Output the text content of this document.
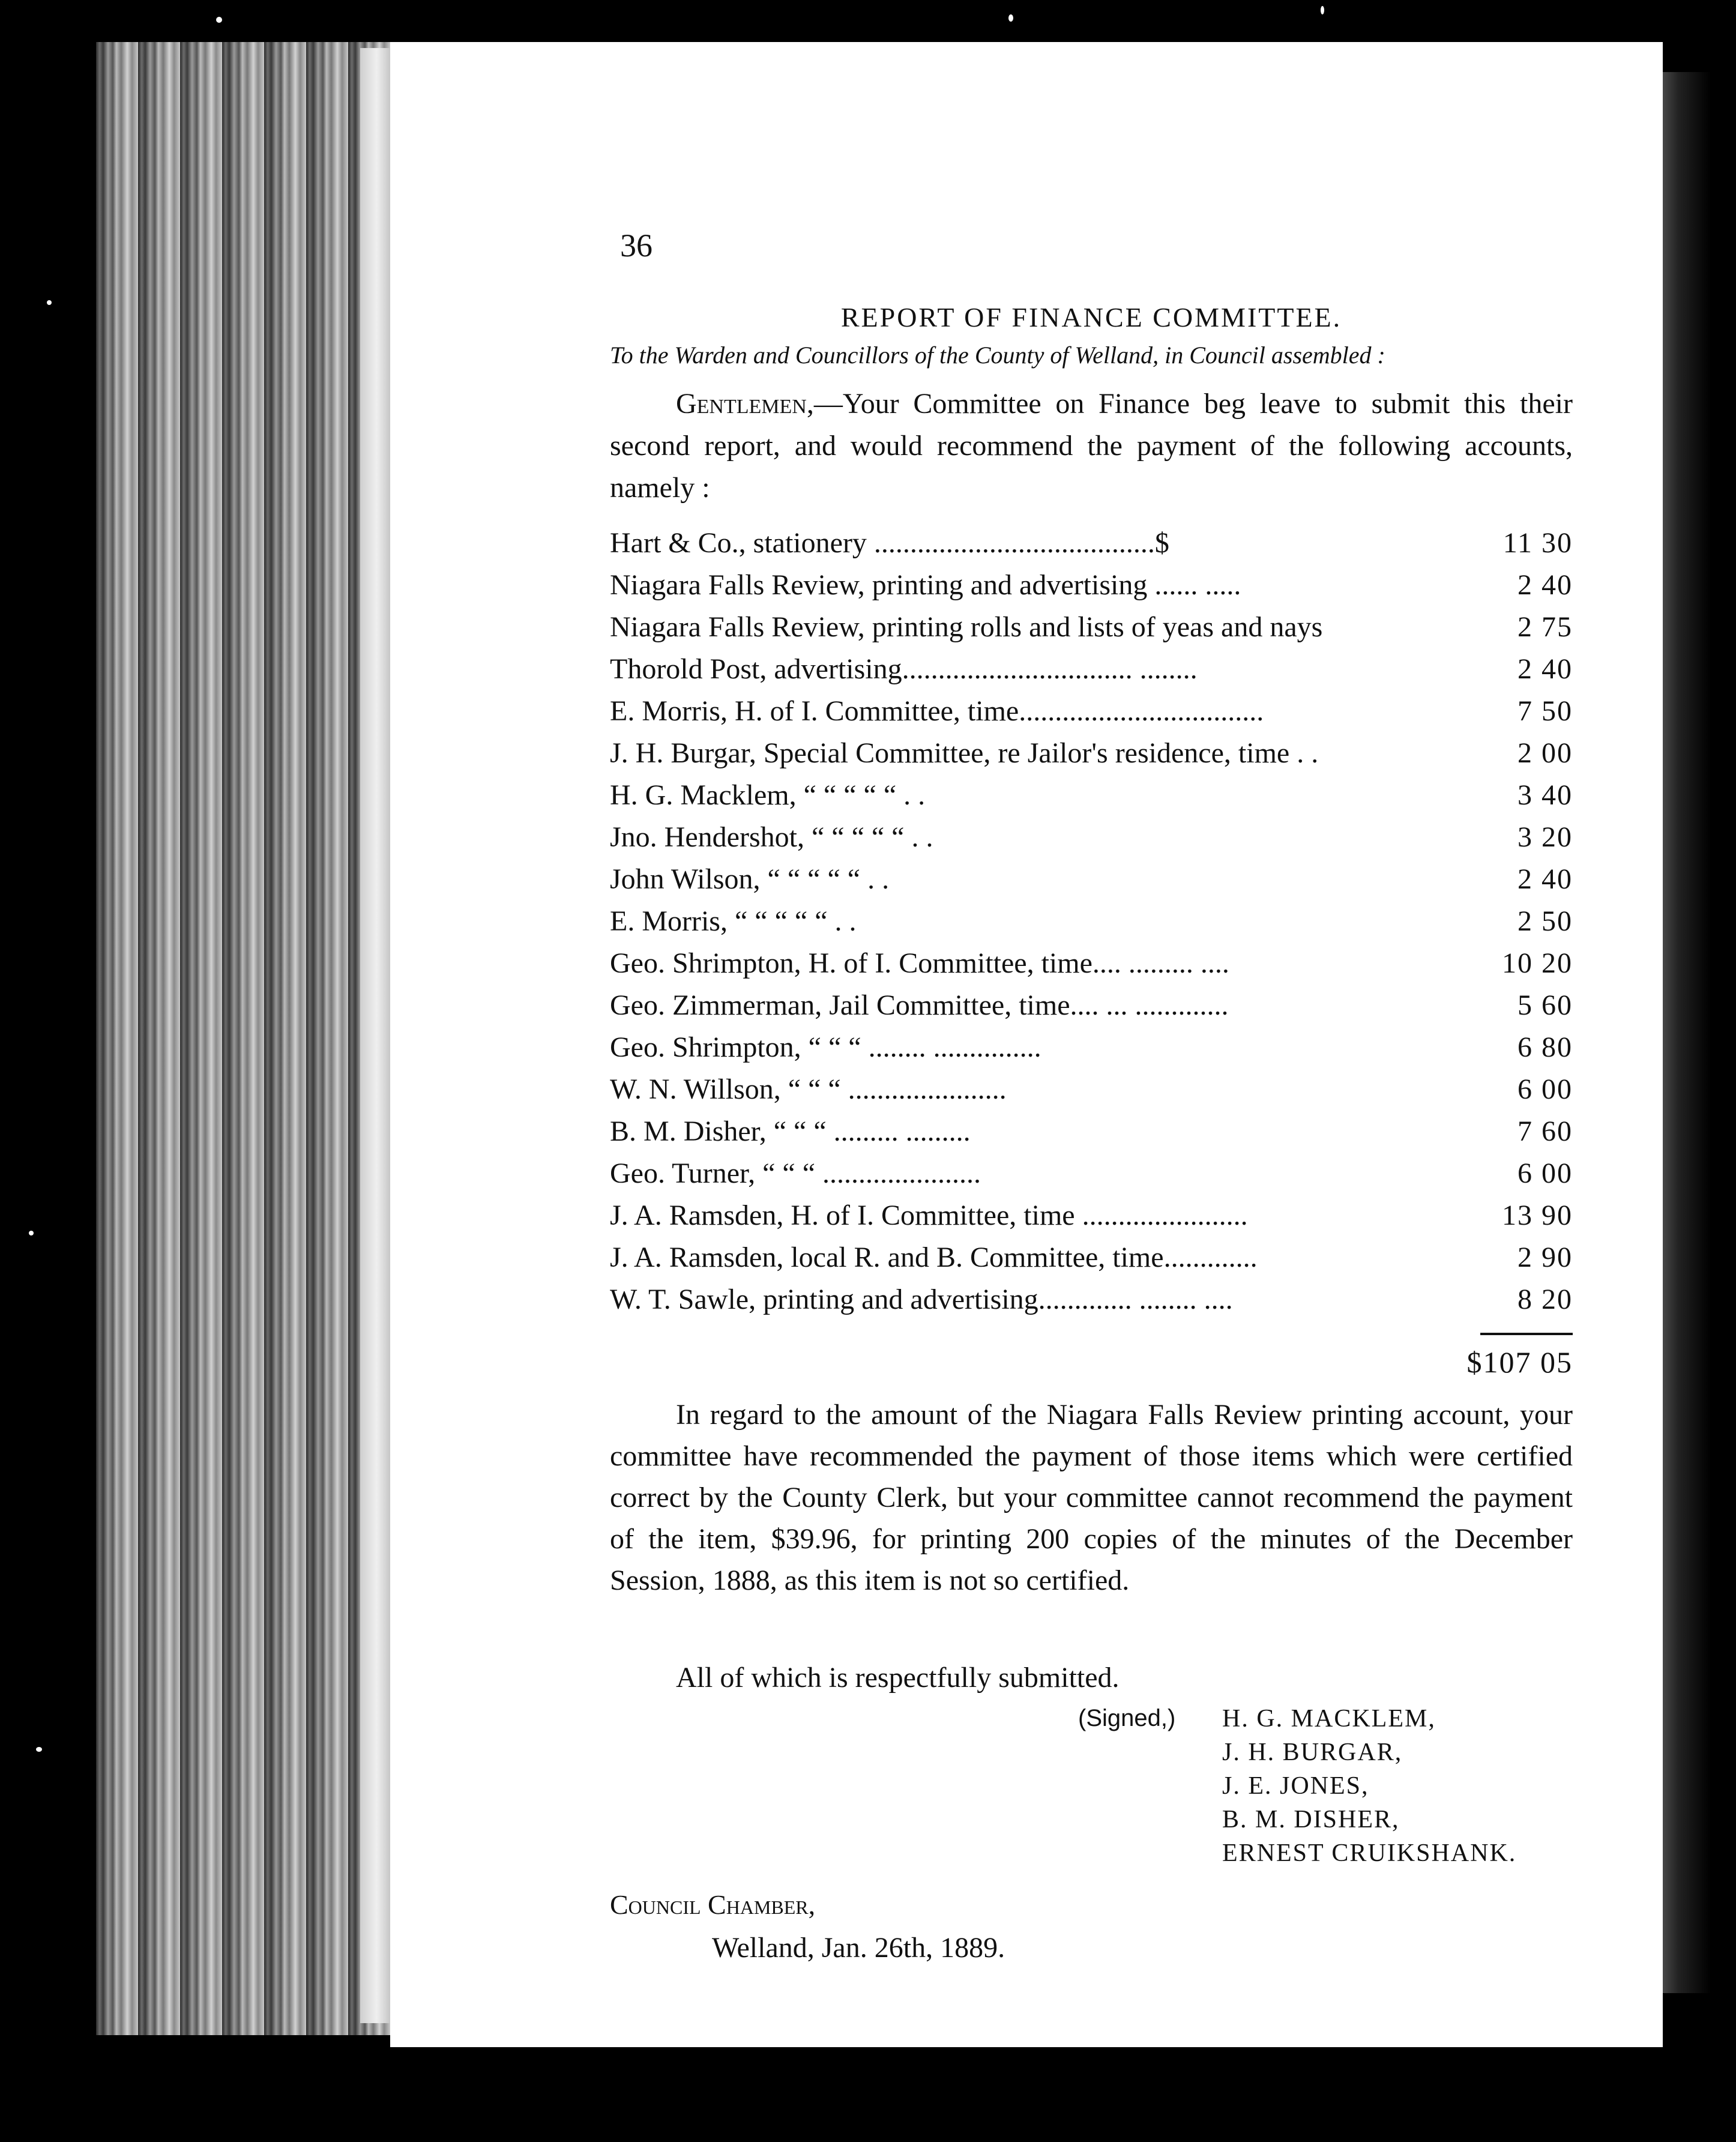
36
REPORT OF FINANCE COMMITTEE.
To the Warden and Councillors of the County of Welland, in Council assembled :
Gentlemen,—Your Committee on Finance beg leave to submit this their second report, and would recommend the payment of the following accounts, namely :
Hart & Co., stationery .......................................$	11 30
Niagara Falls Review, printing and advertising ...... .....	2 40
Niagara Falls Review, printing rolls and lists of yeas and nays	2 75
Thorold Post, advertising................................ ........	2 40
E. Morris, H. of I. Committee, time..................................	7 50
J. H. Burgar, Special Committee, re Jailor's residence, time . .	2 00
H. G. Macklem, “ “ “ “ “ . .	3 40
Jno. Hendershot, “ “ “ “ “ . .	3 20
John Wilson, “ “ “ “ “ . .	2 40
E. Morris, “ “ “ “ “ . .	2 50
Geo. Shrimpton, H. of I. Committee, time.... ......... ....	10 20
Geo. Zimmerman, Jail Committee, time.... ... .............	5 60
Geo. Shrimpton, “ “ “ ........ ...............	6 80
W. N. Willson, “ “ “ ......................	6 00
B. M. Disher, “ “ “ ......... .........	7 60
Geo. Turner, “ “ “ ......................	6 00
J. A. Ramsden, H. of I. Committee, time .......................	13 90
J. A. Ramsden, local R. and B. Committee, time.............	2 90
W. T. Sawle, printing and advertising............. ........ ....	8 20
$107 05
In regard to the amount of the Niagara Falls Review printing account, your committee have recommended the payment of those items which were certified correct by the County Clerk, but your committee cannot recommend the payment of the item, $39.96, for printing 200 copies of the minutes of the December Session, 1888, as this item is not so certified.
All of which is respectfully submitted.
(Signed,) H. G. MACKLEM,
J. H. BURGAR,
J. E. JONES,
B. M. DISHER,
ERNEST CRUIKSHANK.
Council Chamber,
Welland, Jan. 26th, 1889.
